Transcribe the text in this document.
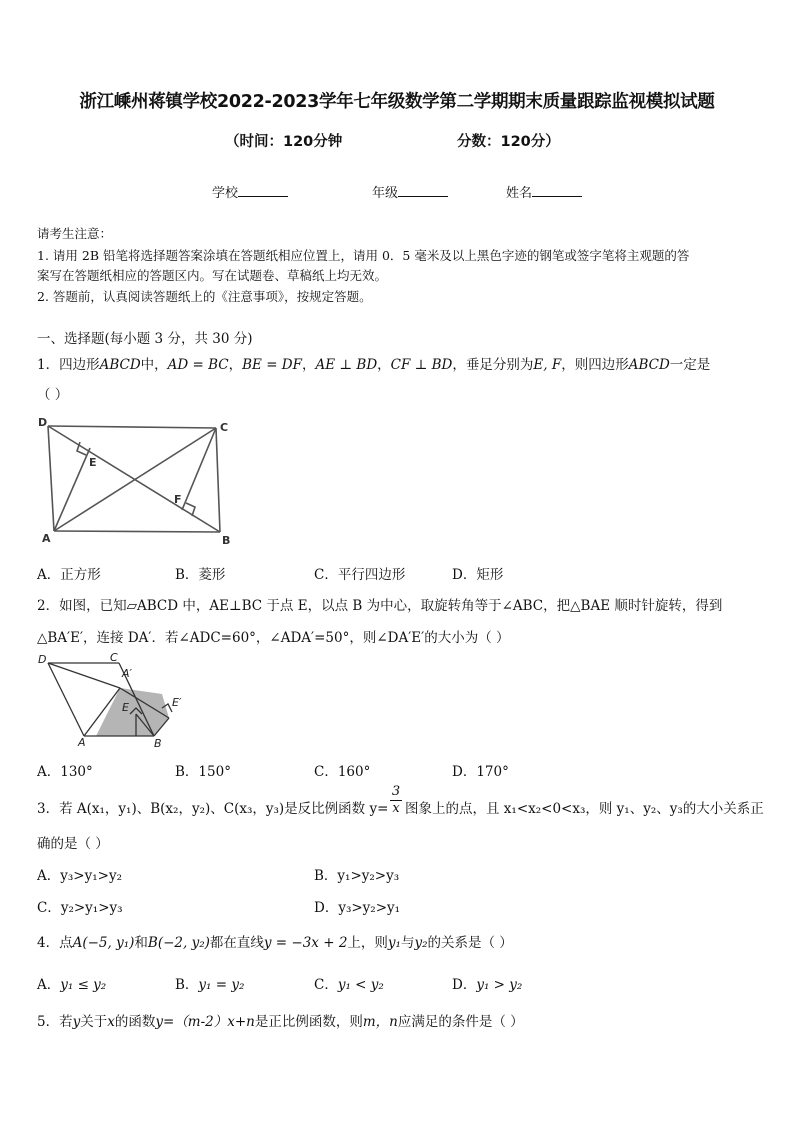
浙江嵊州蒋镇学校2022-2023学年七年级数学第二学期期末质量跟踪监视模拟试题
（时间：120分钟	分数：120分）
学校	年级	姓名
请考生注意：
1. 请用 2B 铅笔将选择题答案涂填在答题纸相应位置上，请用 0．5 毫米及以上黑色字迹的钢笔或签字笔将主观题的答
案写在答题纸相应的答题区内。写在试题卷、草稿纸上均无效。
2. 答题前，认真阅读答题纸上的《注意事项》，按规定答题。
一、选择题(每小题 3 分，共 30 分)
1．四边形ABCD中，AD = BC，BE = DF，AE ⊥ BD，CF ⊥ BD，垂足分别为E, F，则四边形ABCD一定是
（ ）
D	C
E
F
A	B
A．正方形	B．菱形	C．平行四边形	D．矩形
2．如图，已知▱ABCD 中，AE⊥BC 于点 E，以点 B 为中心，取旋转角等于∠ABC，把△BAE 顺时针旋转，得到
△BA′E′，连接 DA′．若∠ADC=60°，∠ADA′=50°，则∠DA′E′的大小为（ ）
D	C
A′
E′
E
A	B
A．130°	B．150°	C．160°	D．170°
3．若 A(x₁，y₁)、B(x₂，y₂)、C(x₃，y₃)是反比例函数 $y= \frac{3}{x}$ 图象上的点，且 x₁<x₂<0<x₃，则 y₁、y₂、y₃的大小关系正
确的是（ ）
A．y₃>y₁>y₂	B．y₁>y₂>y₃
C．y₂>y₁>y₃	D．y₃>y₂>y₁
4．点A(−5, y₁)和B(−2, y₂)都在直线y = −3x + 2上，则y₁与y₂的关系是（ ）
A．y₁ ≤ y₂	B．y₁ = y₂	C．y₁ < y₂	D．y₁ > y₂
5．若y关于x的函数y=（m-2）x+n是正比例函数，则m，n应满足的条件是（ ）
